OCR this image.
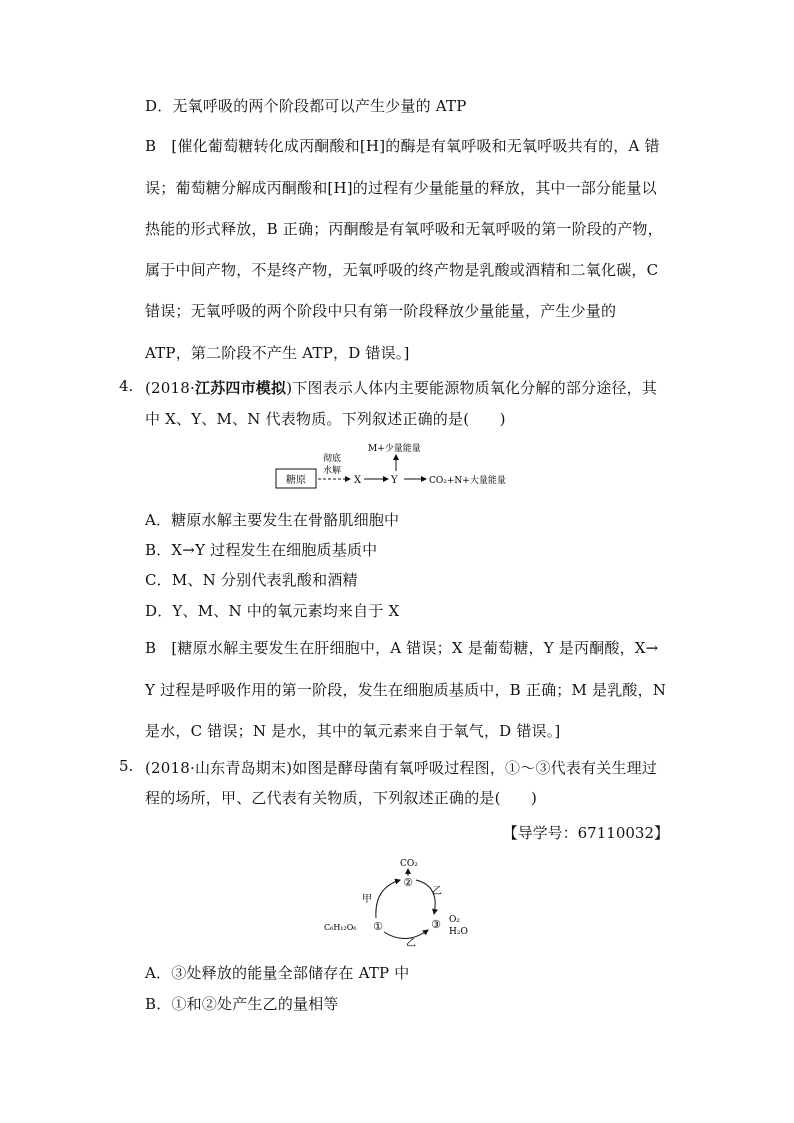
D．无氧呼吸的两个阶段都可以产生少量的 ATP
B　[催化葡萄糖转化成丙酮酸和[H]的酶是有氧呼吸和无氧呼吸共有的，A 错
误；葡萄糖分解成丙酮酸和[H]的过程有少量能量的释放，其中一部分能量以
热能的形式释放，B 正确；丙酮酸是有氧呼吸和无氧呼吸的第一阶段的产物，
属于中间产物，不是终产物，无氧呼吸的终产物是乳酸或酒精和二氧化碳，C
错误；无氧呼吸的两个阶段中只有第一阶段释放少量能量，产生少量的
ATP，第二阶段不产生 ATP，D 错误。]
4. (2018·江苏四市模拟)下图表示人体内主要能源物质氧化分解的部分途径，其
中 X、Y、M、N 代表物质。下列叙述正确的是(　　)
糖原
彻底
水解
X	Y
M+少量能量
CO₂+N+大量能量
A．糖原水解主要发生在骨骼肌细胞中
B．X→Y 过程发生在细胞质基质中
C．M、N 分别代表乳酸和酒精
D．Y、M、N 中的氧元素均来自于 X
B　[糖原水解主要发生在肝细胞中，A 错误；X 是葡萄糖，Y 是丙酮酸，X→
Y 过程是呼吸作用的第一阶段，发生在细胞质基质中，B 正确；M 是乳酸，N
是水，C 错误；N 是水，其中的氧元素来自于氧气，D 错误。]
5. (2018·山东青岛期末)如图是酵母菌有氧呼吸过程图，①～③代表有关生理过
程的场所，甲、乙代表有关物质，下列叙述正确的是(　　)
【导学号：67110032】
CO₂
②
乙
③ O₂
H₂O
乙
①
C₆H₁₂O₆
甲
A．③处释放的能量全部储存在 ATP 中
B．①和②处产生乙的量相等
